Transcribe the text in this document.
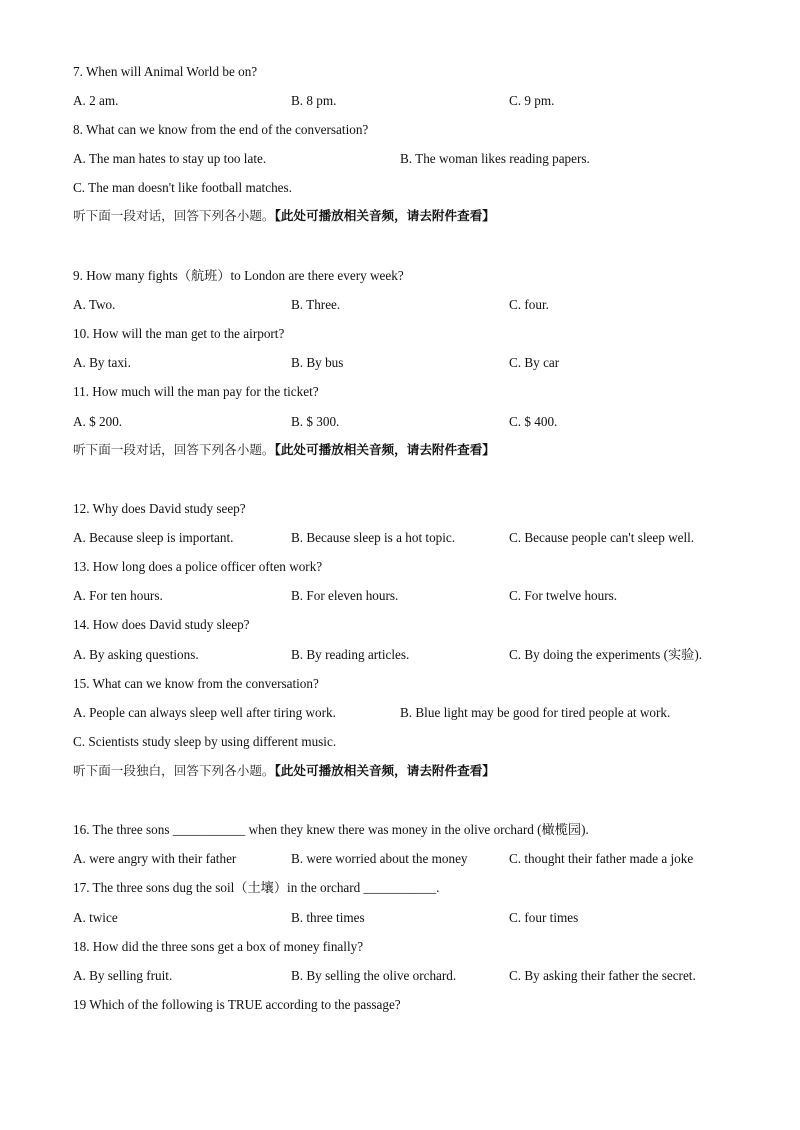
7. When will Animal World be on?
A. 2 am.	B. 8 pm.	C. 9 pm.
8. What can we know from the end of the conversation?
A. The man hates to stay up too late.	B. The woman likes reading papers.
C. The man doesn't like football matches.
听下面一段对话，回答下列各小题。【此处可播放相关音频，请去附件查看】
9. How many fights（航班）to London are there every week?
A. Two.	B. Three.	C. four.
10. How will the man get to the airport?
A. By taxi.	B. By bus	C. By car
11. How much will the man pay for the ticket?
A. $ 200.	B. $ 300.	C. $ 400.
听下面一段对话，回答下列各小题。【此处可播放相关音频，请去附件查看】
12. Why does David study seep?
A. Because sleep is important.	B. Because sleep is a hot topic.	C. Because people can't sleep well.
13. How long does a police officer often work?
A. For ten hours.	B. For eleven hours.	C. For twelve hours.
14. How does David study sleep?
A. By asking questions.	B. By reading articles.	C. By doing the experiments (实验).
15. What can we know from the conversation?
A. People can always sleep well after tiring work.	B. Blue light may be good for tired people at work.
C. Scientists study sleep by using different music.
听下面一段独白，回答下列各小题。【此处可播放相关音频，请去附件查看】
16. The three sons ___________ when they knew there was money in the olive orchard (橄榄园).
A. were angry with their father	B. were worried about the money	C. thought their father made a joke
17. The three sons dug the soil（土壤）in the orchard ___________.
A. twice	B. three times	C. four times
18. How did the three sons get a box of money finally?
A. By selling fruit.	B. By selling the olive orchard.	C. By asking their father the secret.
19 Which of the following is TRUE according to the passage?
